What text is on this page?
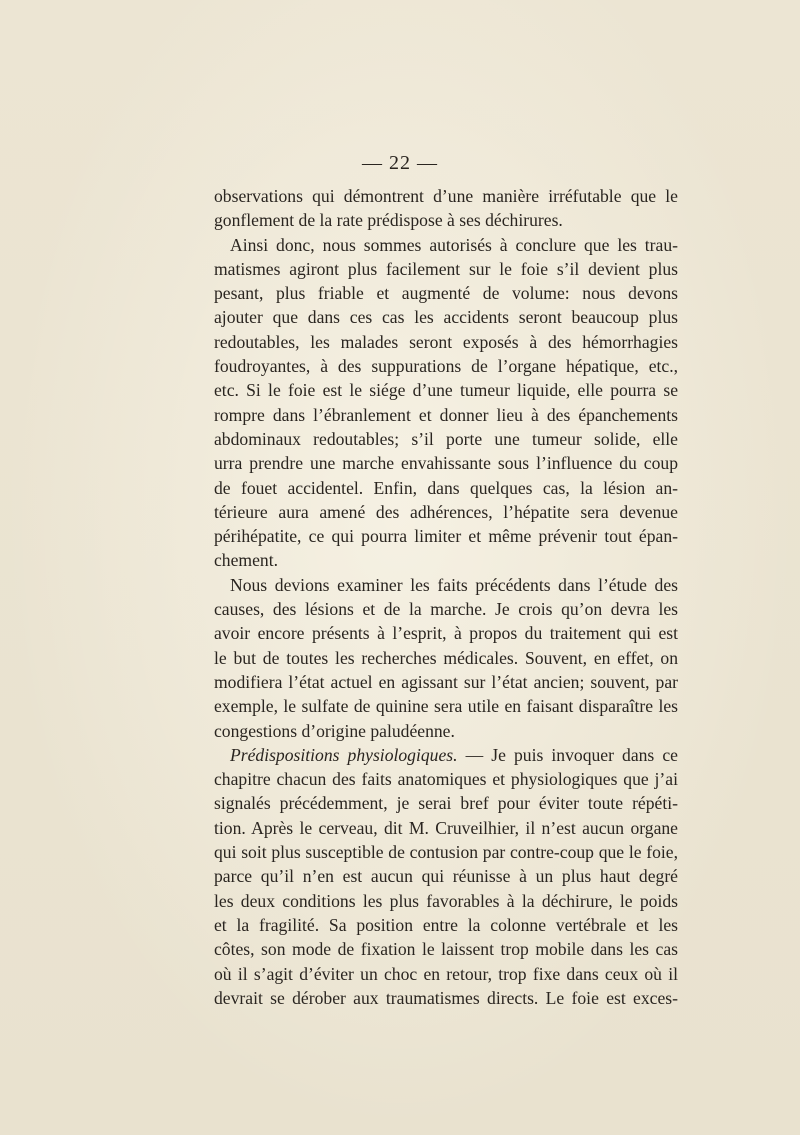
— 22 —
observations qui démontrent d’une manière irréfutable que le
gonflement de la rate prédispose à ses déchirures.
Ainsi donc, nous sommes autorisés à conclure que les trau-
matismes agiront plus facilement sur le foie s’il devient plus
pesant, plus friable et augmenté de volume: nous devons
ajouter que dans ces cas les accidents seront beaucoup plus
redoutables, les malades seront exposés à des hémorrhagies
foudroyantes, à des suppurations de l’organe hépatique, etc.,
etc. Si le foie est le siége d’une tumeur liquide, elle pourra se
rompre dans l’ébranlement et donner lieu à des épanchements
abdominaux redoutables; s’il porte une tumeur solide, elle
urra prendre une marche envahissante sous l’influence du coup
de fouet accidentel. Enfin, dans quelques cas, la lésion an-
térieure aura amené des adhérences, l’hépatite sera devenue
périhépatite, ce qui pourra limiter et même prévenir tout épan-
chement.
Nous devions examiner les faits précédents dans l’étude des
causes, des lésions et de la marche. Je crois qu’on devra les
avoir encore présents à l’esprit, à propos du traitement qui est
le but de toutes les recherches médicales. Souvent, en effet, on
modifiera l’état actuel en agissant sur l’état ancien; souvent, par
exemple, le sulfate de quinine sera utile en faisant disparaître les
congestions d’origine paludéenne.
Prédispositions physiologiques. — Je puis invoquer dans ce
chapitre chacun des faits anatomiques et physiologiques que j’ai
signalés précédemment, je serai bref pour éviter toute répéti-
tion. Après le cerveau, dit M. Cruveilhier, il n’est aucun organe
qui soit plus susceptible de contusion par contre-coup que le foie,
parce qu’il n’en est aucun qui réunisse à un plus haut degré
les deux conditions les plus favorables à la déchirure, le poids
et la fragilité. Sa position entre la colonne vertébrale et les
côtes, son mode de fixation le laissent trop mobile dans les cas
où il s’agit d’éviter un choc en retour, trop fixe dans ceux où il
devrait se dérober aux traumatismes directs. Le foie est exces-
